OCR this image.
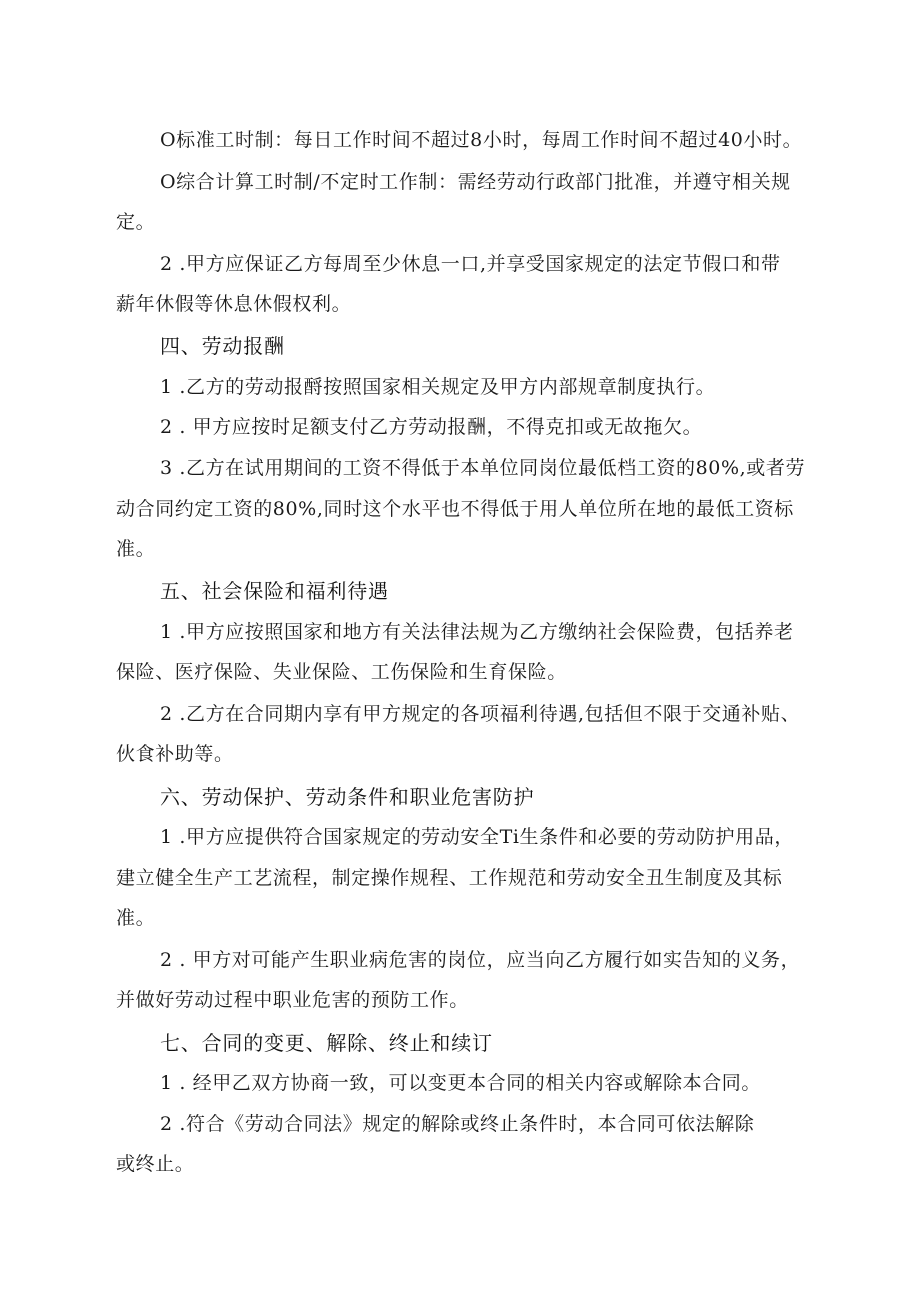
O标准工时制：每日工作时间不超过8小时，每周工作时间不超过40小时。
O综合计算工时制/不定时工作制：需经劳动行政部门批准，并遵守相关规
定。
2 .甲方应保证乙方每周至少休息一口,并享受国家规定的法定节假口和带
薪年休假等休息休假权利。
四、劳动报酬
1 .乙方的劳动报酹按照国家相关规定及甲方内部规章制度执行。
2 . 甲方应按时足额支付乙方劳动报酬，不得克扣或无故拖欠。
3 .乙方在试用期间的工资不得低于本单位同岗位最低档工资的80%,或者劳
动合同约定工资的80%,同时这个水平也不得低于用人单位所在地的最低工资标
准。
五、社会保险和福利待遇
1 .甲方应按照国家和地方有关法律法规为乙方缴纳社会保险费，包括养老
保险、医疗保险、失业保险、工伤保险和生育保险。
2 .乙方在合同期内享有甲方规定的各项福利待遇,包括但不限于交通补贴、
伙食补助等。
六、劳动保护、劳动条件和职业危害防护
1 .甲方应提供符合国家规定的劳动安全Ti生条件和必要的劳动防护用品，
建立健全生产工艺流程，制定操作规程、工作规范和劳动安全丑生制度及其标
准。
2 . 甲方对可能产生职业病危害的岗位，应当向乙方履行如实告知的义务，
并做好劳动过程中职业危害的预防工作。
七、合同的变更、解除、终止和续订
1 . 经甲乙双方协商一致，可以变更本合同的相关内容或解除本合同。
2 .符合《劳动合同法》规定的解除或终止条件时，本合同可依法解除
或终止。
